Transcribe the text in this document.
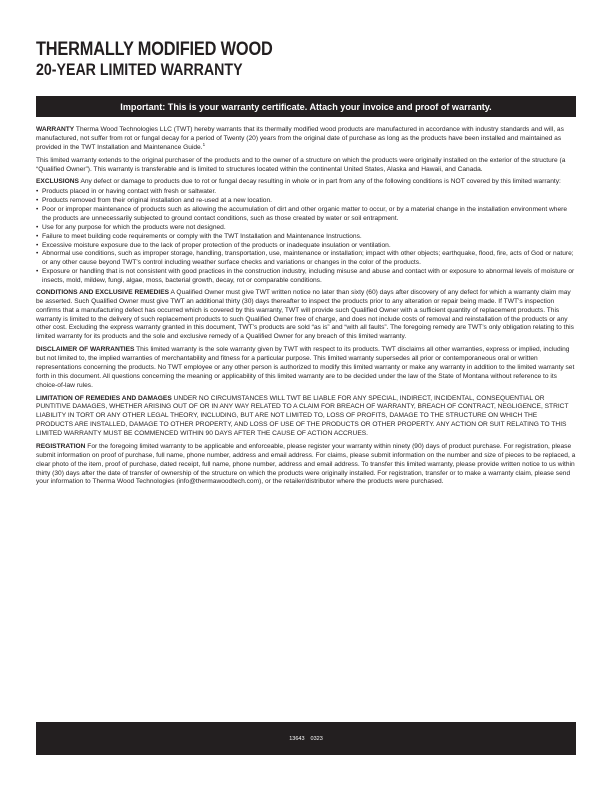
THERMALLY MODIFIED WOOD
20-YEAR LIMITED WARRANTY
Important: This is your warranty certificate. Attach your invoice and proof of warranty.

WARRANTY Therma Wood Technologies LLC (TWT) hereby warrants that its thermally modified wood products are manufactured in accordance with industry standards and will, as manufactured, not suffer from rot or fungal decay for a period of Twenty (20) years from the original date of purchase as long as the products have been installed and maintained as provided in the TWT Installation and Maintenance Guide.$^1$

This limited warranty extends to the original purchaser of the products and to the owner of a structure on which the products were originally installed on the exterior of the structure (a “Qualified Owner”). This warranty is transferable and is limited to structures located within the continental United States, Alaska and Hawaii, and Canada.

EXCLUSIONS Any defect or damage to products due to rot or fungal decay resulting in whole or in part from any of the following conditions is NOT covered by this limited warranty:

• Products placed in or having contact with fresh or saltwater.
• Products removed from their original installation and re-used at a new location.
• Poor or improper maintenance of products such as allowing the accumulation of dirt and other organic matter to occur, or by a material change in the installation environment where the products are unnecessarily subjected to ground contact conditions, such as those created by water or soil entrapment.
• Use for any purpose for which the products were not designed.
• Failure to meet building code requirements or comply with the TWT Installation and Maintenance Instructions.
• Excessive moisture exposure due to the lack of proper protection of the products or inadequate insulation or ventilation.
• Abnormal use conditions, such as improper storage, handling, transportation, use, maintenance or installation; impact with other objects; earthquake, flood, fire, acts of God or nature; or any other cause beyond TWT’s control including weather surface checks and variations or changes in the color of the products.
• Exposure or handling that is not consistent with good practices in the construction industry, including misuse and abuse and contact with or exposure to abnormal levels of moisture or insects, mold, mildew, fungi, algae, moss, bacterial growth, decay, rot or comparable conditions.

CONDITIONS AND EXCLUSIVE REMEDIES A Qualified Owner must give TWT written notice no later than sixty (60) days after discovery of any defect for which a warranty claim may be asserted. Such Qualified Owner must give TWT an additional thirty (30) days thereafter to inspect the products prior to any alteration or repair being made. If TWT’s inspection confirms that a manufacturing defect has occurred which is covered by this warranty, TWT will provide such Qualified Owner with a sufficient quantity of replacement products. This warranty is limited to the delivery of such replacement products to such Qualified Owner free of charge, and does not include costs of removal and reinstallation of the products or any other cost. Excluding the express warranty granted in this document, TWT’s products are sold “as is” and “with all faults”. The foregoing remedy are TWT’s only obligation relating to this limited warranty for its products and the sole and exclusive remedy of a Qualified Owner for any breach of this limited warranty.

DISCLAIMER OF WARRANTIES This limited warranty is the sole warranty given by TWT with respect to its products. TWT disclaims all other warranties, express or implied, including but not limited to, the implied warranties of merchantability and fitness for a particular purpose. This limited warranty supersedes all prior or contemporaneous oral or written representations concerning the products. No TWT employee or any other person is authorized to modify this limited warranty or make any warranty in addition to the limited warranty set forth in this document. All questions concerning the meaning or applicability of this limited warranty are to be decided under the law of the State of Montana without reference to its choice-of-law rules.

LIMITATION OF REMEDIES AND DAMAGES UNDER NO CIRCUMSTANCES WILL TWT BE LIABLE FOR ANY SPECIAL, INDIRECT, INCIDENTAL, CONSEQUENTIAL OR PUNTITIVE DAMAGES, WHETHER ARISING OUT OF OR IN ANY WAY RELATED TO A CLAIM FOR BREACH OF WARRANTY, BREACH OF CONTRACT, NEGLIGENCE, STRICT LIABILITY IN TORT OR ANY OTHER LEGAL THEORY, INCLUDING, BUT ARE NOT LIMITED TO, LOSS OF PROFITS, DAMAGE TO THE STRUCTURE ON WHICH THE PRODUCTS ARE INSTALLED, DAMAGE TO OTHER PROPERTY, AND LOSS OF USE OF THE PRODUCTS OR OTHER PROPERTY. ANY ACTION OR SUIT RELATING TO THIS LIMITED WARRANTY MUST BE COMMENCED WITHIN 90 DAYS AFTER THE CAUSE OF ACTION ACCRUES.

REGISTRATION For the foregoing limited warranty to be applicable and enforceable, please register your warranty within ninety (90) days of product purchase. For registration, please submit information on proof of purchase, full name, phone number, address and email address. For claims, please submit information on the number and size of pieces to be replaced, a clear photo of the item, proof of purchase, dated receipt, full name, phone number, address and email address. To transfer this limited warranty, please provide written notice to us within thirty (30) days after the date of transfer of ownership of the structure on which the products were originally installed. For registration, transfer or to make a warranty claim, please send your information to Therma Wood Technologies (info@thermawoodtech.com), or the retailer/distributor where the products were purchased.

13643 0323
